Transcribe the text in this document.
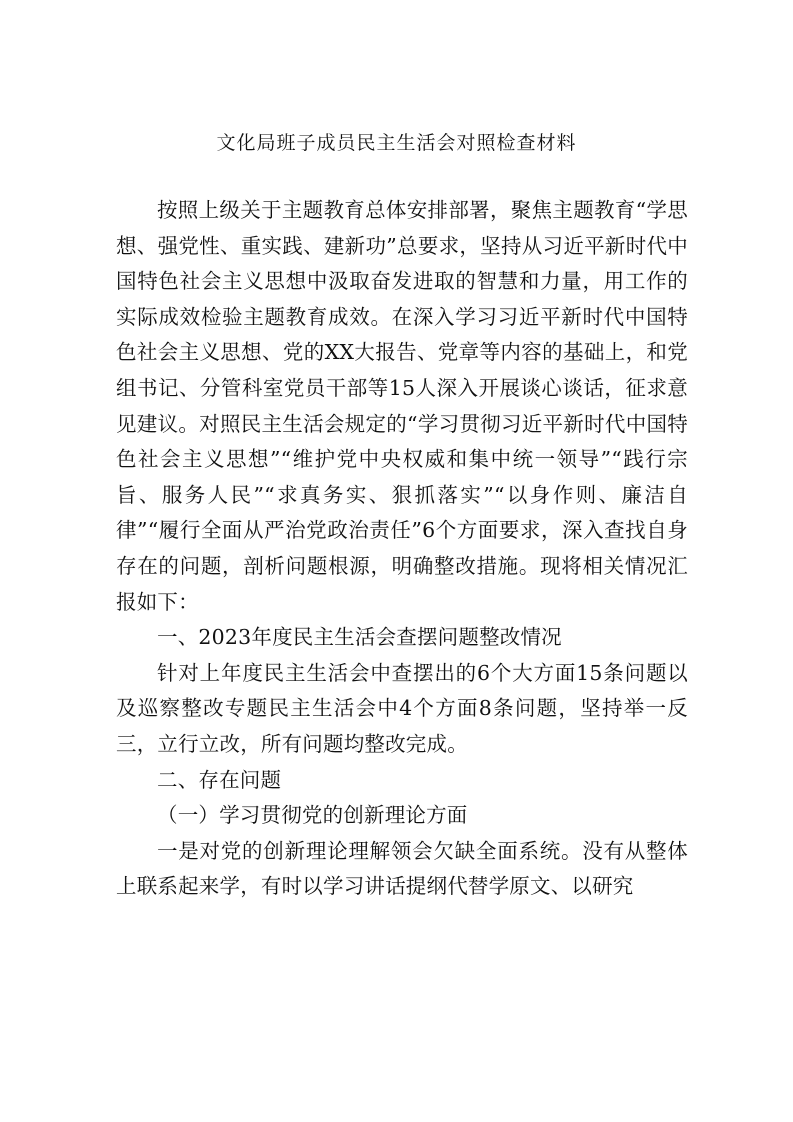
文化局班子成员民主生活会对照检查材料

按照上级关于主题教育总体安排部署，聚焦主题教育“学思想、强党性、重实践、建新功”总要求，坚持从习近平新时代中国特色社会主义思想中汲取奋发进取的智慧和力量，用工作的实际成效检验主题教育成效。在深入学习习近平新时代中国特色社会主义思想、党的XX大报告、党章等内容的基础上，和党组书记、分管科室党员干部等15人深入开展谈心谈话，征求意见建议。对照民主生活会规定的“学习贯彻习近平新时代中国特色社会主义思想”“维护党中央权威和集中统一领导”“践行宗旨、服务人民”“求真务实、狠抓落实”“以身作则、廉洁自律”“履行全面从严治党政治责任”6个方面要求，深入查找自身存在的问题，剖析问题根源，明确整改措施。现将相关情况汇报如下：

一、2023年度民主生活会查摆问题整改情况

针对上年度民主生活会中查摆出的6个大方面15条问题以及巡察整改专题民主生活会中4个方面8条问题，坚持举一反三，立行立改，所有问题均整改完成。

二、存在问题

（一）学习贯彻党的创新理论方面

一是对党的创新理论理解领会欠缺全面系统。没有从整体上联系起来学，有时以学习讲话提纲代替学原文、以研究
